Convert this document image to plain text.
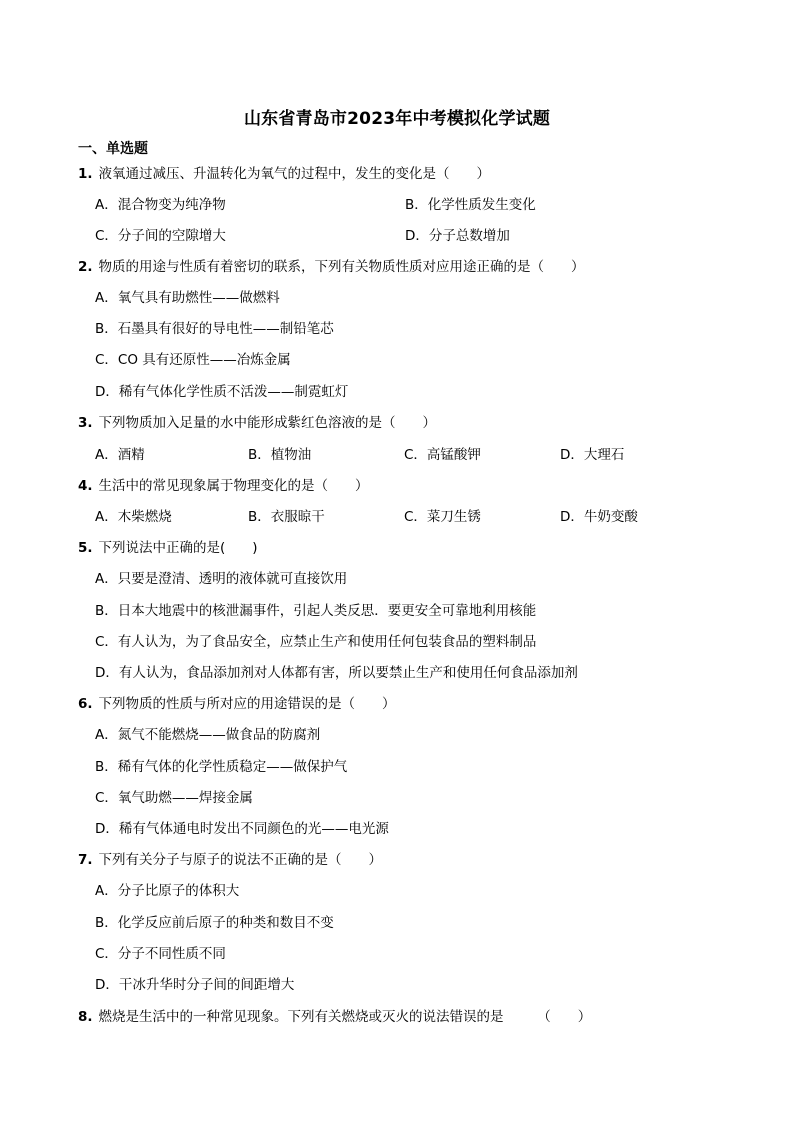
山东省青岛市2023年中考模拟化学试题
一、单选题
1. 液氧通过减压、升温转化为氧气的过程中，发生的变化是（　　）
A．混合物变为纯净物	B．化学性质发生变化
C．分子间的空隙增大	D．分子总数增加
2. 物质的用途与性质有着密切的联系，下列有关物质性质对应用途正确的是（　　）
A．氧气具有助燃性——做燃料
B．石墨具有很好的导电性——制铅笔芯
C．CO 具有还原性——冶炼金属
D．稀有气体化学性质不活泼——制霓虹灯
3. 下列物质加入足量的水中能形成紫红色溶液的是（　　）
A．酒精	B．植物油	C．高锰酸钾	D．大理石
4. 生活中的常见现象属于物理变化的是（　　）
A．木柴燃烧	B．衣服晾干	C．菜刀生锈	D．牛奶变酸
5. 下列说法中正确的是(　　)
A．只要是澄清、透明的液体就可直接饮用
B．日本大地震中的核泄漏事件，引起人类反思．要更安全可靠地利用核能
C．有人认为，为了食品安全，应禁止生产和使用任何包装食品的塑料制品
D．有人认为，食品添加剂对人体都有害，所以要禁止生产和使用任何食品添加剂
6. 下列物质的性质与所对应的用途错误的是（　　）
A．氮气不能燃烧——做食品的防腐剂
B．稀有气体的化学性质稳定——做保护气
C．氧气助燃——焊接金属
D．稀有气体通电时发出不同颜色的光——电光源
7. 下列有关分子与原子的说法不正确的是（　　）
A．分子比原子的体积大
B．化学反应前后原子的种类和数目不变
C．分子不同性质不同
D．干冰升华时分子间的间距增大
8. 燃烧是生活中的一种常见现象。下列有关燃烧或灭火的说法错误的是　　　（　　）
